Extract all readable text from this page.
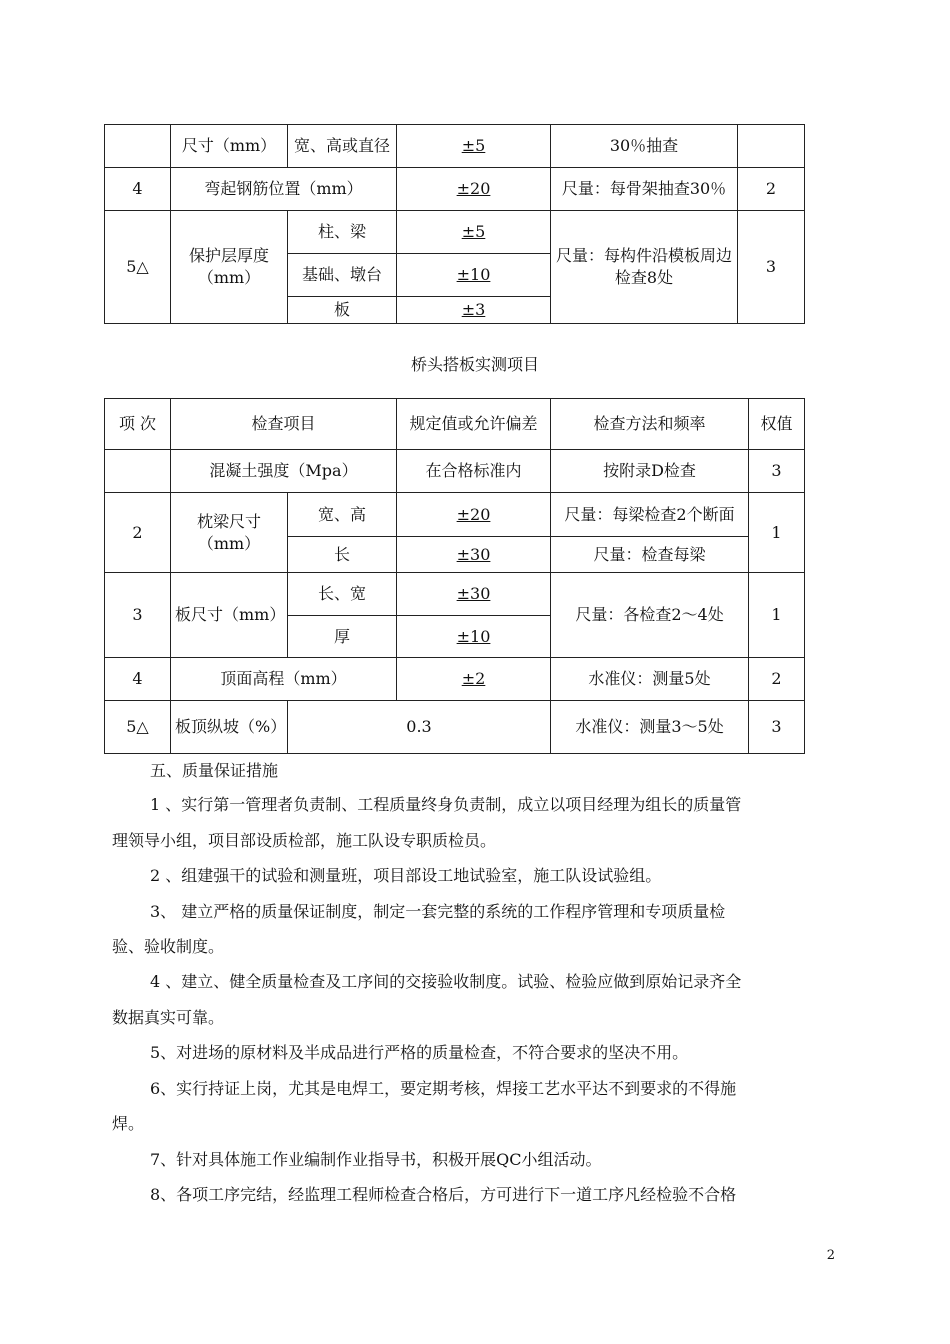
	尺寸（mm）	宽、高或直径	±5	30％抽查	
4	弯起钢筋位置（mm）		±20	尺量：每骨架抽查30％	2
5△	保护层厚度（mm）	柱、梁	±5	尺量：每构件沿模板周边检查8处	3
		基础、墩台	±10		
		板	±3		
桥头搭板实测项目
项 次	检查项目		规定值或允许偏差	检查方法和频率	权值
	混凝土强度（Mpa）		在合格标准内	按附录D检查	3
2	枕梁尺寸（mm）	宽、高	±20	尺量：每梁检查2个断面	1
		长	±30	尺量：检查每梁	
3	板尺寸（mm）	长、宽	±30	尺量：各检查2～4处	1
		厚	±10		
4	顶面高程（mm）		±2	水准仪：测量5处	2
5△	板顶纵坡（%）	0.3		水准仪：测量3～5处	3
五、质量保证措施
1 、实行第一管理者负责制、工程质量终身负责制，成立以项目经理为组长的质量管
理领导小组，项目部设质检部，施工队设专职质检员。
2 、组建强干的试验和测量班，项目部设工地试验室，施工队设试验组。
3、 建立严格的质量保证制度，制定一套完整的系统的工作程序管理和专项质量检
验、验收制度。
4 、建立、健全质量检查及工序间的交接验收制度。试验、检验应做到原始记录齐全
数据真实可靠。
5、对进场的原材料及半成品进行严格的质量检查，不符合要求的坚决不用。
6、实行持证上岗，尤其是电焊工，要定期考核，焊接工艺水平达不到要求的不得施
焊。
7、针对具体施工作业编制作业指导书，积极开展QC小组活动。
8、各项工序完结，经监理工程师检查合格后，方可进行下一道工序凡经检验不合格
2
